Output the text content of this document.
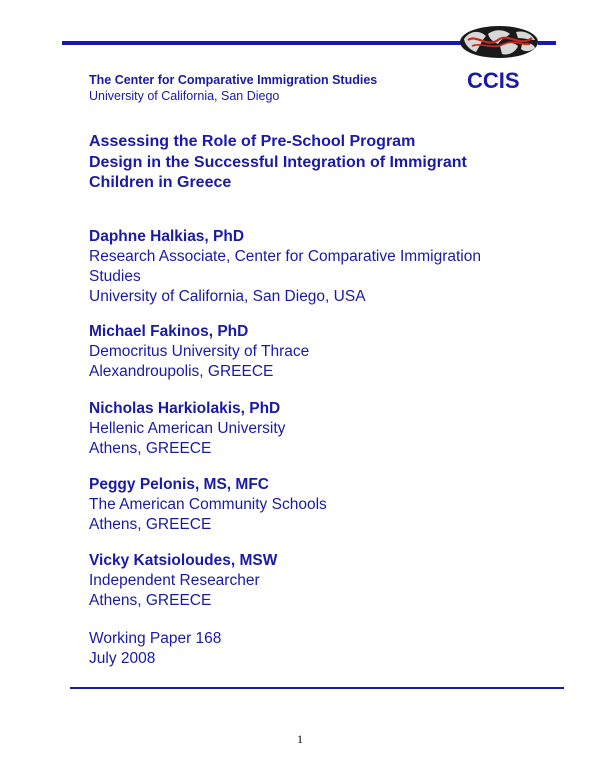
The Center for Comparative Immigration Studies
University of California, San Diego
CCIS
Assessing the Role of Pre-School Program
Design in the Successful Integration of Immigrant
Children in Greece
Daphne Halkias, PhD
Research Associate, Center for Comparative Immigration
Studies
University of California, San Diego, USA
Michael Fakinos, PhD
Democritus University of Thrace
Alexandroupolis, GREECE
Nicholas Harkiolakis, PhD
Hellenic American University
Athens, GREECE
Peggy Pelonis, MS, MFC
The American Community Schools
Athens, GREECE
Vicky Katsioloudes, MSW
Independent Researcher
Athens, GREECE
Working Paper 168
July 2008
1
